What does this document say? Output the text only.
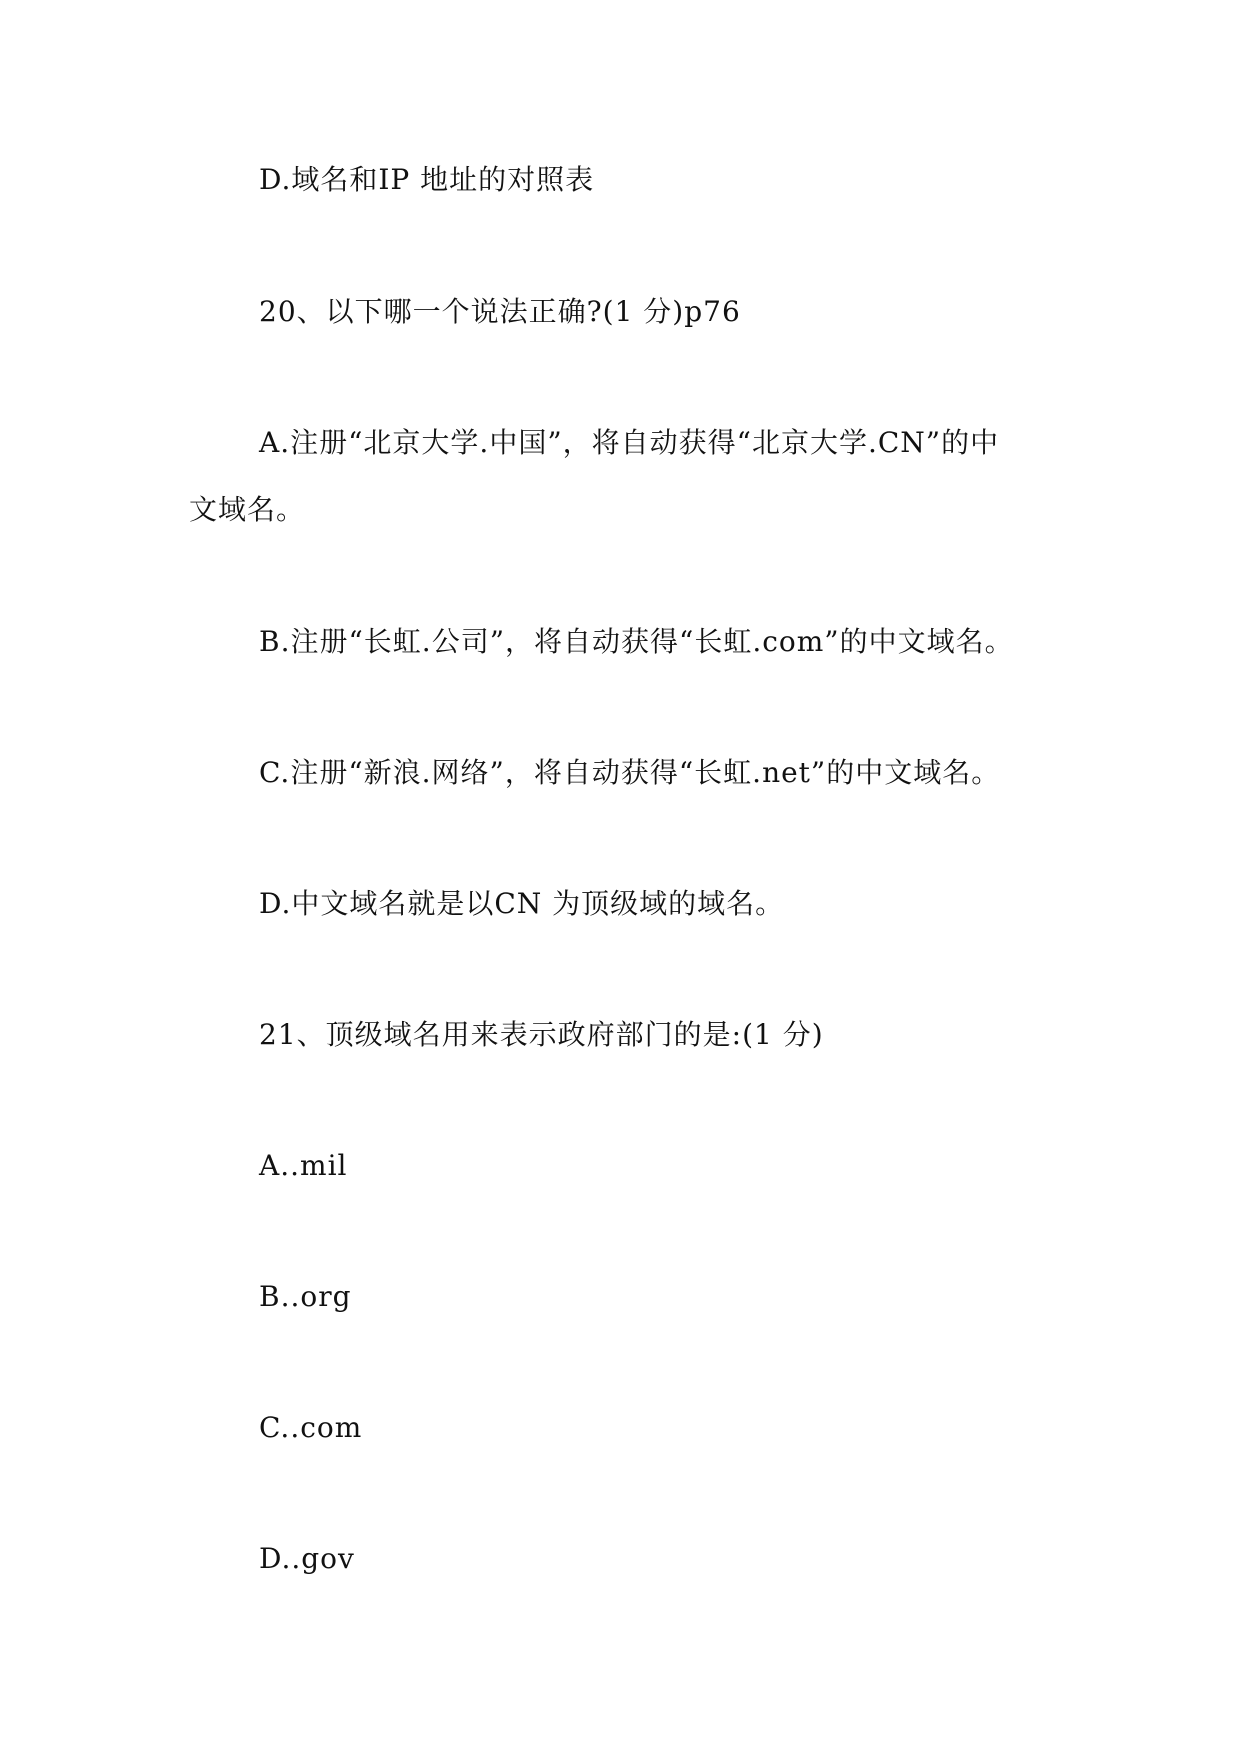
D.域名和IP 地址的对照表
20、以下哪一个说法正确?(1 分)p76
A.注册“北京大学.中国”，将自动获得“北京大学.CN”的中
文域名。
B.注册“长虹.公司”，将自动获得“长虹.com”的中文域名。
C.注册“新浪.网络”，将自动获得“长虹.net”的中文域名。
D.中文域名就是以CN 为顶级域的域名。
21、顶级域名用来表示政府部门的是:(1 分)
A..mil
B..org
C..com
D..gov
